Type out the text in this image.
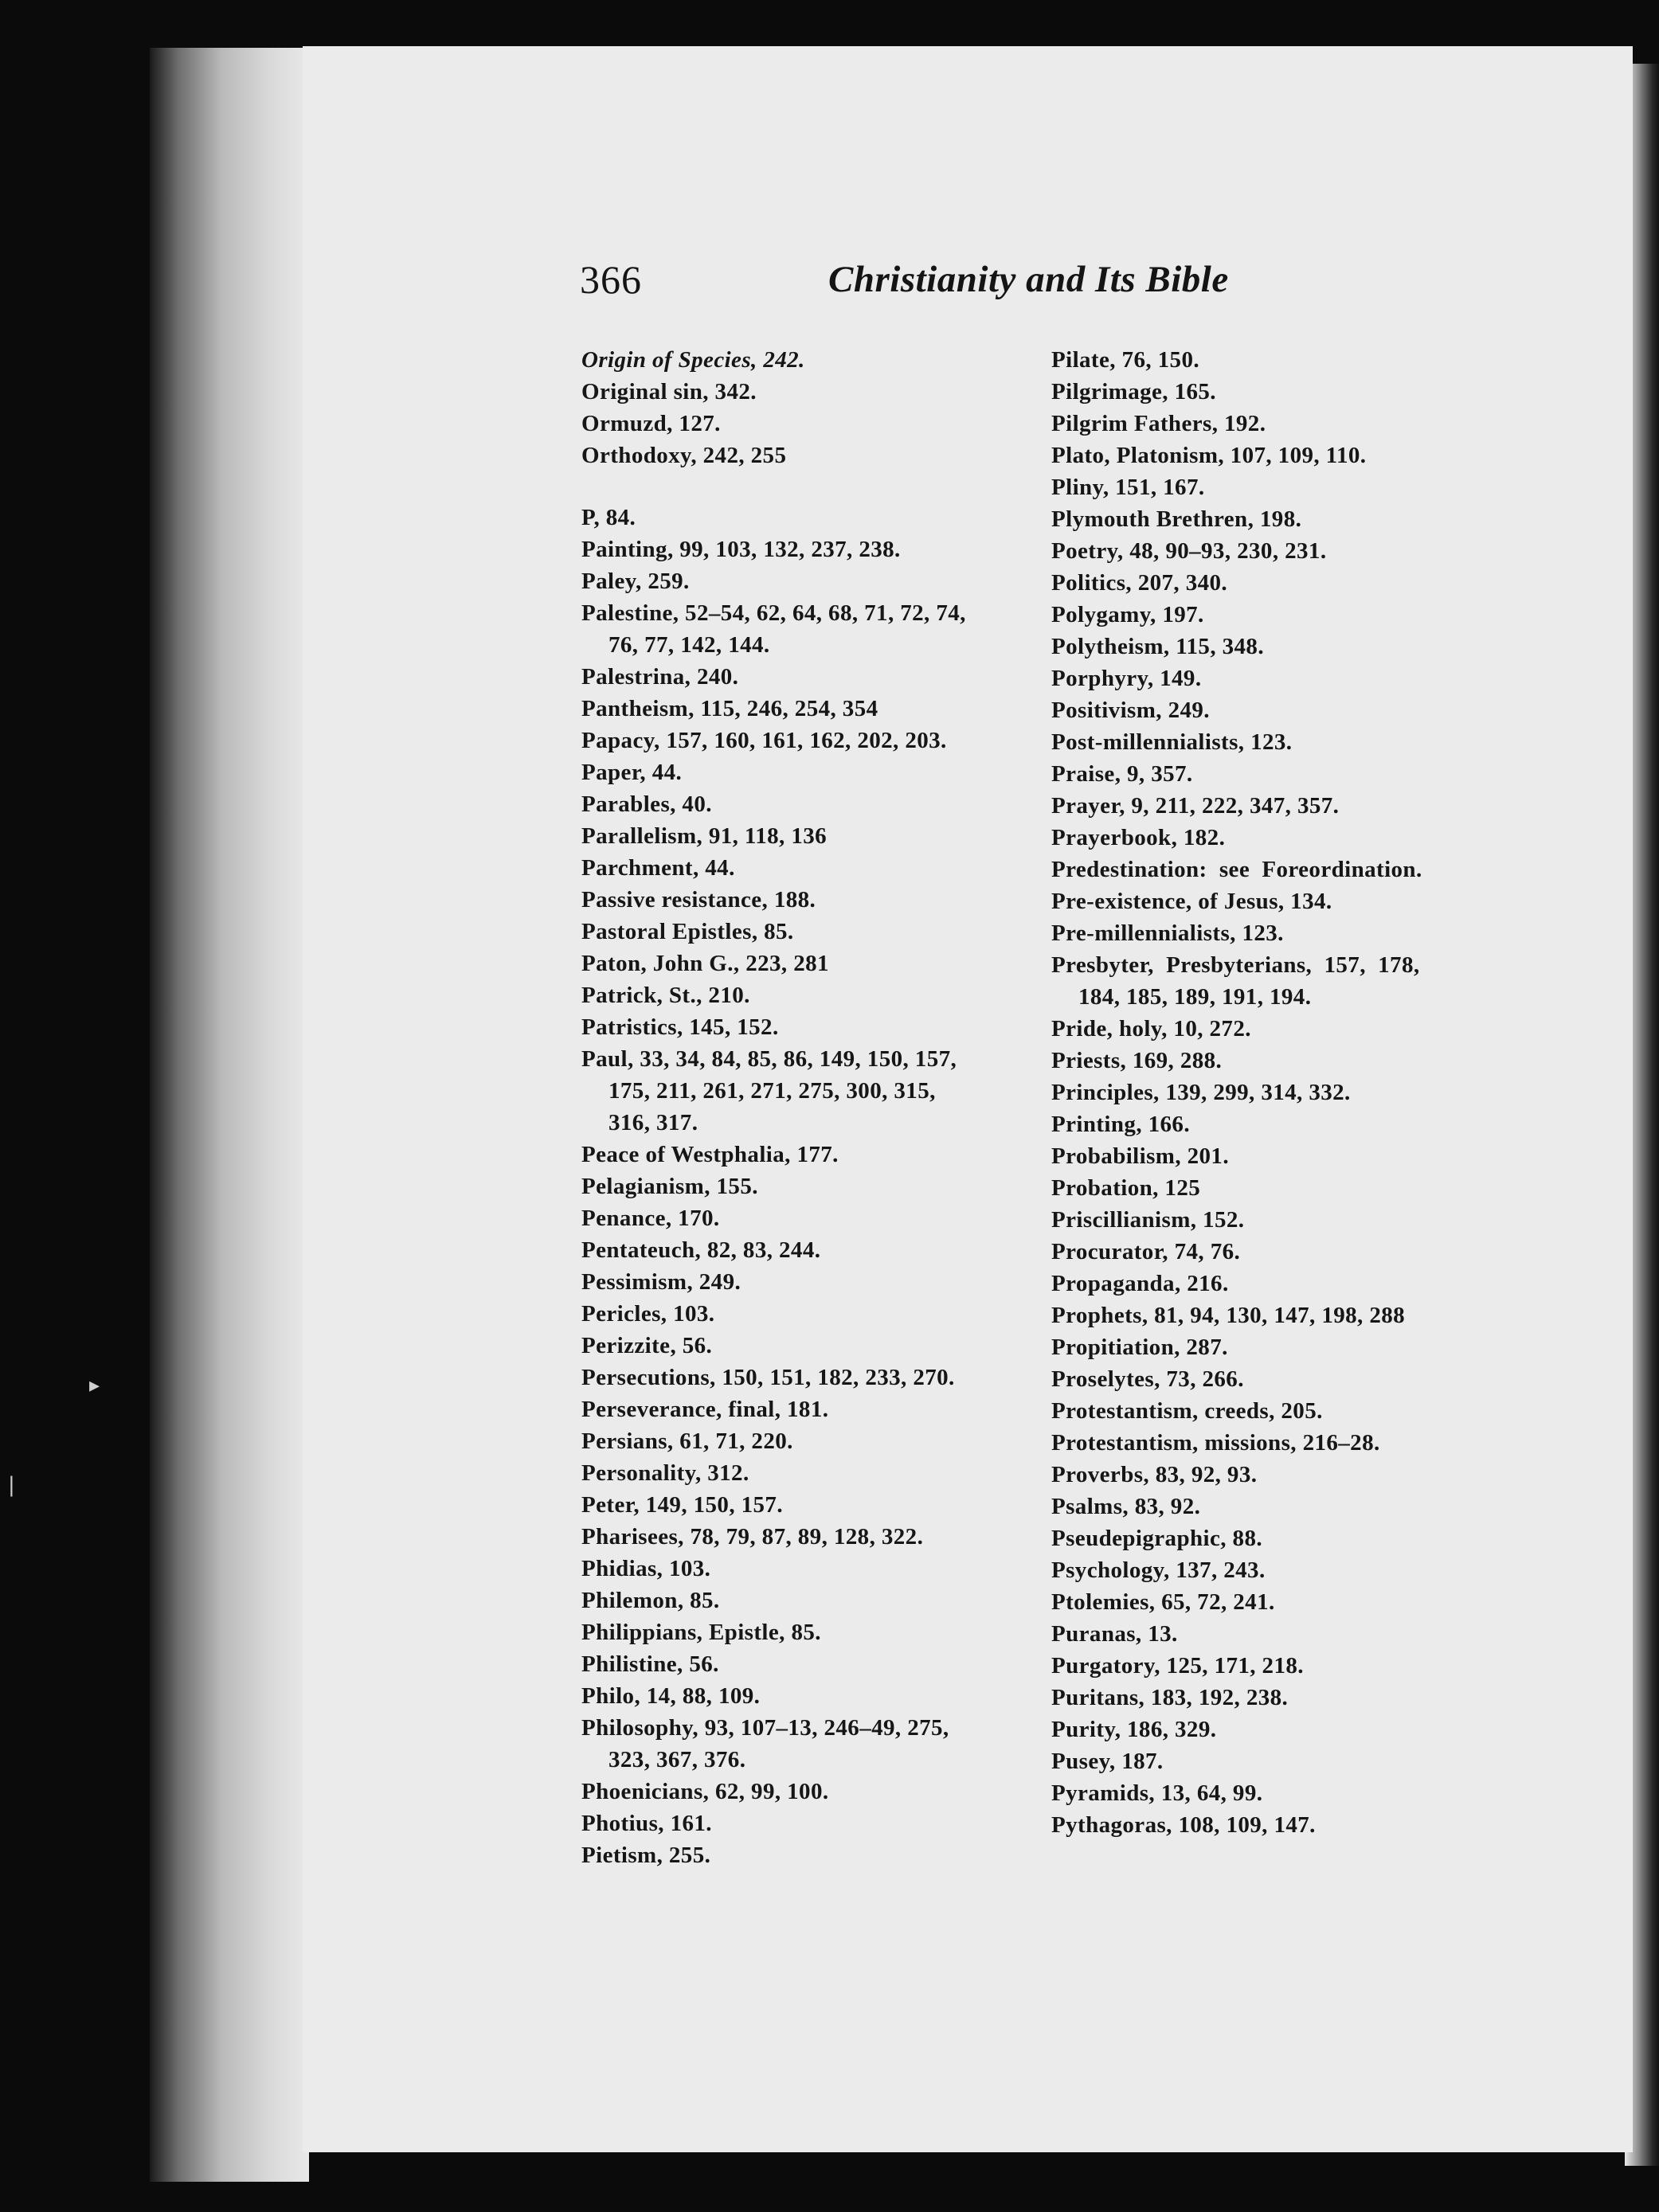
366	Christianity and Its Bible
Origin of Species, 242.
Original sin, 342.
Ormuzd, 127.
Orthodoxy, 242, 255
P, 84.
Painting, 99, 103, 132, 237, 238.
Paley, 259.
Palestine, 52–54, 62, 64, 68, 71, 72, 74,
76, 77, 142, 144.
Palestrina, 240.
Pantheism, 115, 246, 254, 354
Papacy, 157, 160, 161, 162, 202, 203.
Paper, 44.
Parables, 40.
Parallelism, 91, 118, 136
Parchment, 44.
Passive resistance, 188.
Pastoral Epistles, 85.
Paton, John G., 223, 281
Patrick, St., 210.
Patristics, 145, 152.
Paul, 33, 34, 84, 85, 86, 149, 150, 157,
175, 211, 261, 271, 275, 300, 315,
316, 317.
Peace of Westphalia, 177.
Pelagianism, 155.
Penance, 170.
Pentateuch, 82, 83, 244.
Pessimism, 249.
Pericles, 103.
Perizzite, 56.
Persecutions, 150, 151, 182, 233, 270.
Perseverance, final, 181.
Persians, 61, 71, 220.
Personality, 312.
Peter, 149, 150, 157.
Pharisees, 78, 79, 87, 89, 128, 322.
Phidias, 103.
Philemon, 85.
Philippians, Epistle, 85.
Philistine, 56.
Philo, 14, 88, 109.
Philosophy, 93, 107–13, 246–49, 275,
323, 367, 376.
Phoenicians, 62, 99, 100.
Photius, 161.
Pietism, 255.
Pilate, 76, 150.
Pilgrimage, 165.
Pilgrim Fathers, 192.
Plato, Platonism, 107, 109, 110.
Pliny, 151, 167.
Plymouth Brethren, 198.
Poetry, 48, 90–93, 230, 231.
Politics, 207, 340.
Polygamy, 197.
Polytheism, 115, 348.
Porphyry, 149.
Positivism, 249.
Post-millennialists, 123.
Praise, 9, 357.
Prayer, 9, 211, 222, 347, 357.
Prayerbook, 182.
Predestination:  see  Foreordination.
Pre-existence, of Jesus, 134.
Pre-millennialists, 123.
Presbyter,  Presbyterians,  157,  178,
184, 185, 189, 191, 194.
Pride, holy, 10, 272.
Priests, 169, 288.
Principles, 139, 299, 314, 332.
Printing, 166.
Probabilism, 201.
Probation, 125
Priscillianism, 152.
Procurator, 74, 76.
Propaganda, 216.
Prophets, 81, 94, 130, 147, 198, 288
Propitiation, 287.
Proselytes, 73, 266.
Protestantism, creeds, 205.
Protestantism, missions, 216–28.
Proverbs, 83, 92, 93.
Psalms, 83, 92.
Pseudepigraphic, 88.
Psychology, 137, 243.
Ptolemies, 65, 72, 241.
Puranas, 13.
Purgatory, 125, 171, 218.
Puritans, 183, 192, 238.
Purity, 186, 329.
Pusey, 187.
Pyramids, 13, 64, 99.
Pythagoras, 108, 109, 147.
▸
|
